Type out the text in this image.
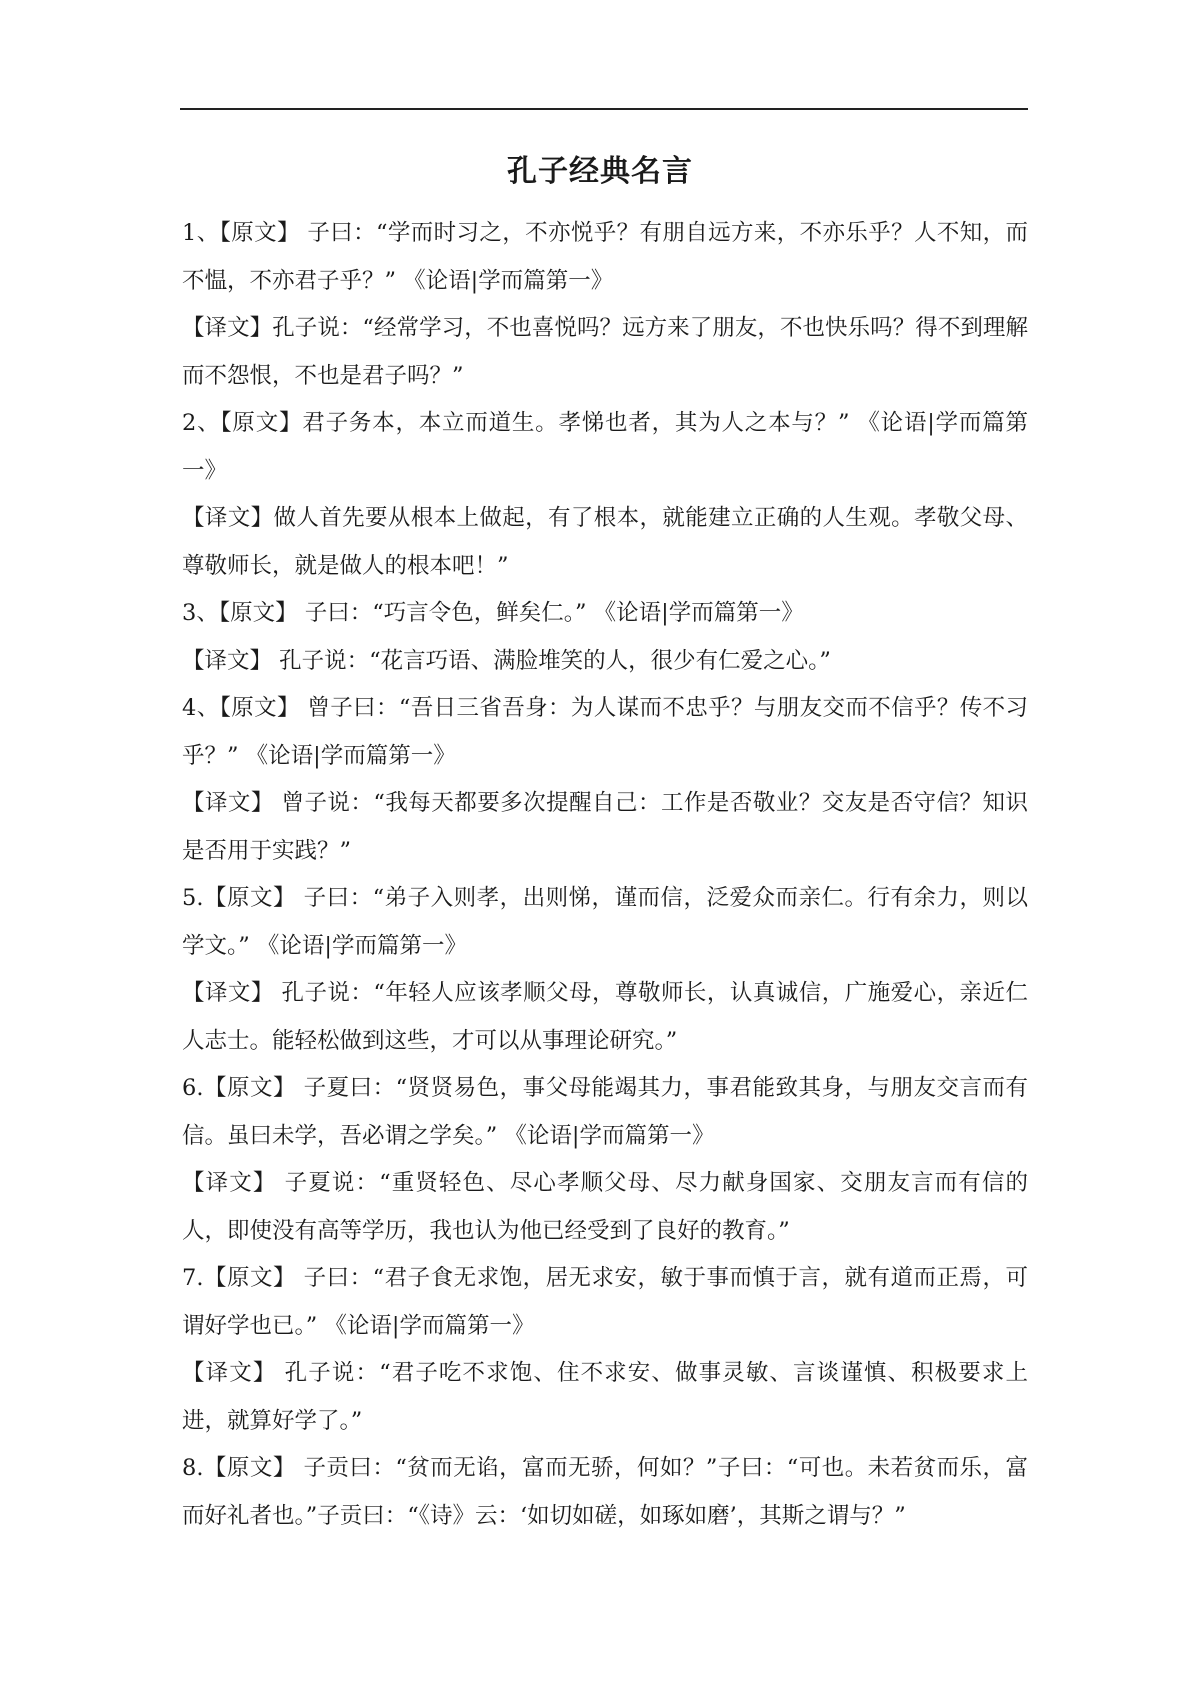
孔子经典名言

1、【原文】 子曰：“学而时习之，不亦悦乎？有朋自远方来，不亦乐乎？人不知，而不愠，不亦君子乎？” 《论语|学而篇第一》

【译文】孔子说：“经常学习，不也喜悦吗？远方来了朋友，不也快乐吗？得不到理解而不怨恨，不也是君子吗？”

2、【原文】君子务本，本立而道生。孝悌也者，其为人之本与？” 《论语|学而篇第一》

【译文】做人首先要从根本上做起，有了根本，就能建立正确的人生观。孝敬父母、尊敬师长，就是做人的根本吧！”

3、【原文】 子曰：“巧言令色，鲜矣仁。” 《论语|学而篇第一》

【译文】 孔子说：“花言巧语、满脸堆笑的人，很少有仁爱之心。”

4、【原文】 曾子曰：“吾日三省吾身：为人谋而不忠乎？与朋友交而不信乎？传不习乎？” 《论语|学而篇第一》

【译文】 曾子说：“我每天都要多次提醒自己：工作是否敬业？交友是否守信？知识是否用于实践？”

5.【原文】 子曰：“弟子入则孝，出则悌，谨而信，泛爱众而亲仁。行有余力，则以学文。” 《论语|学而篇第一》

【译文】 孔子说：“年轻人应该孝顺父母，尊敬师长，认真诚信，广施爱心，亲近仁人志士。能轻松做到这些，才可以从事理论研究。”

6.【原文】 子夏曰：“贤贤易色，事父母能竭其力，事君能致其身，与朋友交言而有信。虽曰未学，吾必谓之学矣。” 《论语|学而篇第一》

【译文】 子夏说：“重贤轻色、尽心孝顺父母、尽力献身国家、交朋友言而有信的人，即使没有高等学历，我也认为他已经受到了良好的教育。”

7.【原文】 子曰：“君子食无求饱，居无求安，敏于事而慎于言，就有道而正焉，可谓好学也已。” 《论语|学而篇第一》

【译文】 孔子说：“君子吃不求饱、住不求安、做事灵敏、言谈谨慎、积极要求上进，就算好学了。”

8.【原文】 子贡曰：“贫而无谄，富而无骄，何如？”子曰：“可也。未若贫而乐，富而好礼者也。”子贡曰：“《诗》云：‘如切如磋，如琢如磨’，其斯之谓与？”
